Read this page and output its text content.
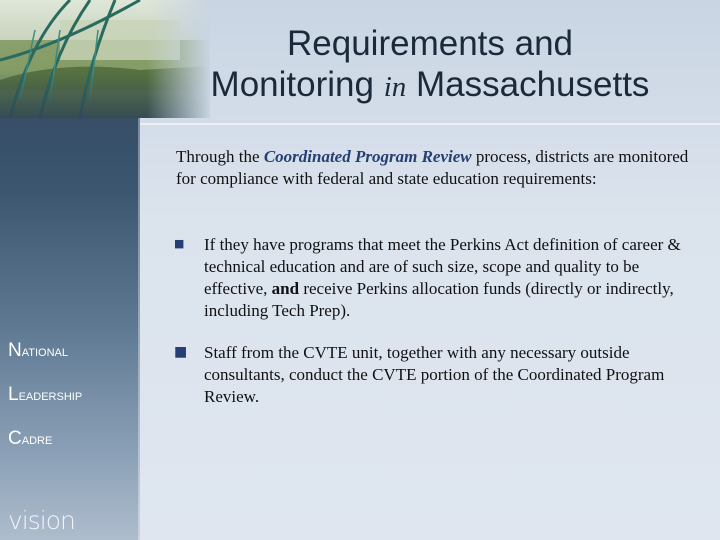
Requirements and
Monitoring in Massachusetts
Through the Coordinated Program Review process, districts are monitored for compliance with federal and state education requirements:
■ If they have programs that meet the Perkins Act definition of career & technical education and are of such size, scope and quality to be effective, and receive Perkins allocation funds (directly or indirectly, including Tech Prep).
■ Staff from the CVTE unit, together with any necessary outside consultants, conduct the CVTE portion of the Coordinated Program Review.
NATIONAL
LEADERSHIP
CADRE
vision
